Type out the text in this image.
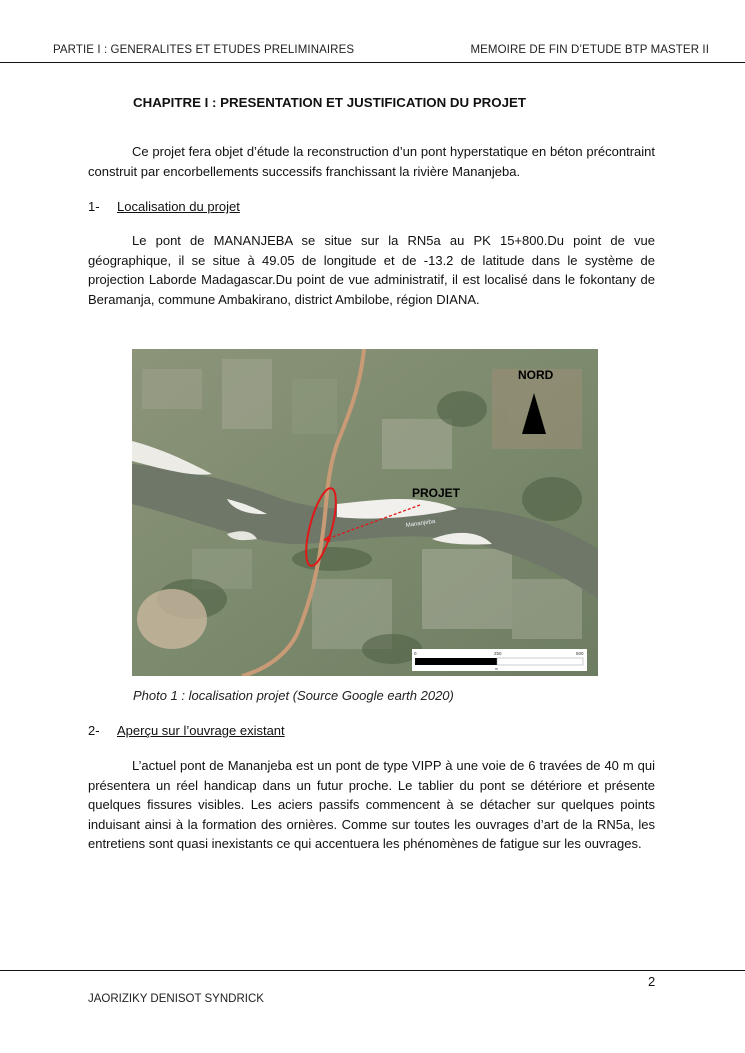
PARTIE I : GENERALITES ET ETUDES PRELIMINAIRES	MEMOIRE DE FIN D’ETUDE BTP MASTER II
CHAPITRE I : PRESENTATION ET JUSTIFICATION DU PROJET
Ce projet fera objet d’étude la reconstruction d’un pont hyperstatique en béton précontraint construit par encorbellements successifs franchissant la rivière Mananjeba.
1- Localisation du projet
Le pont de MANANJEBA se situe sur la RN5a au PK 15+800.Du point de vue géographique, il se situe à 49.05 de longitude et de -13.2 de latitude dans le système de projection Laborde Madagascar.Du point de vue administratif, il est localisé dans le fokontany de Beramanja, commune Ambakirano, district Ambilobe, région DIANA.
Mananjeba
NORD
PROJET
0	250	500
m
Photo 1 : localisation projet (Source Google earth 2020)
2- Aperçu sur l’ouvrage existant
L’actuel pont de Mananjeba est un pont de type VIPP à une voie de 6 travées de 40 m qui présentera un réel handicap dans un futur proche. Le tablier du pont se détériore et présente quelques fissures visibles. Les aciers passifs commencent à se détacher sur quelques points induisant ainsi à la formation des ornières. Comme sur toutes les ouvrages d’art de la RN5a, les entretiens sont quasi inexistants ce qui accentuera les phénomènes de fatigue sur les ouvrages.
2
JAORIZIKY DENISOT SYNDRICK
